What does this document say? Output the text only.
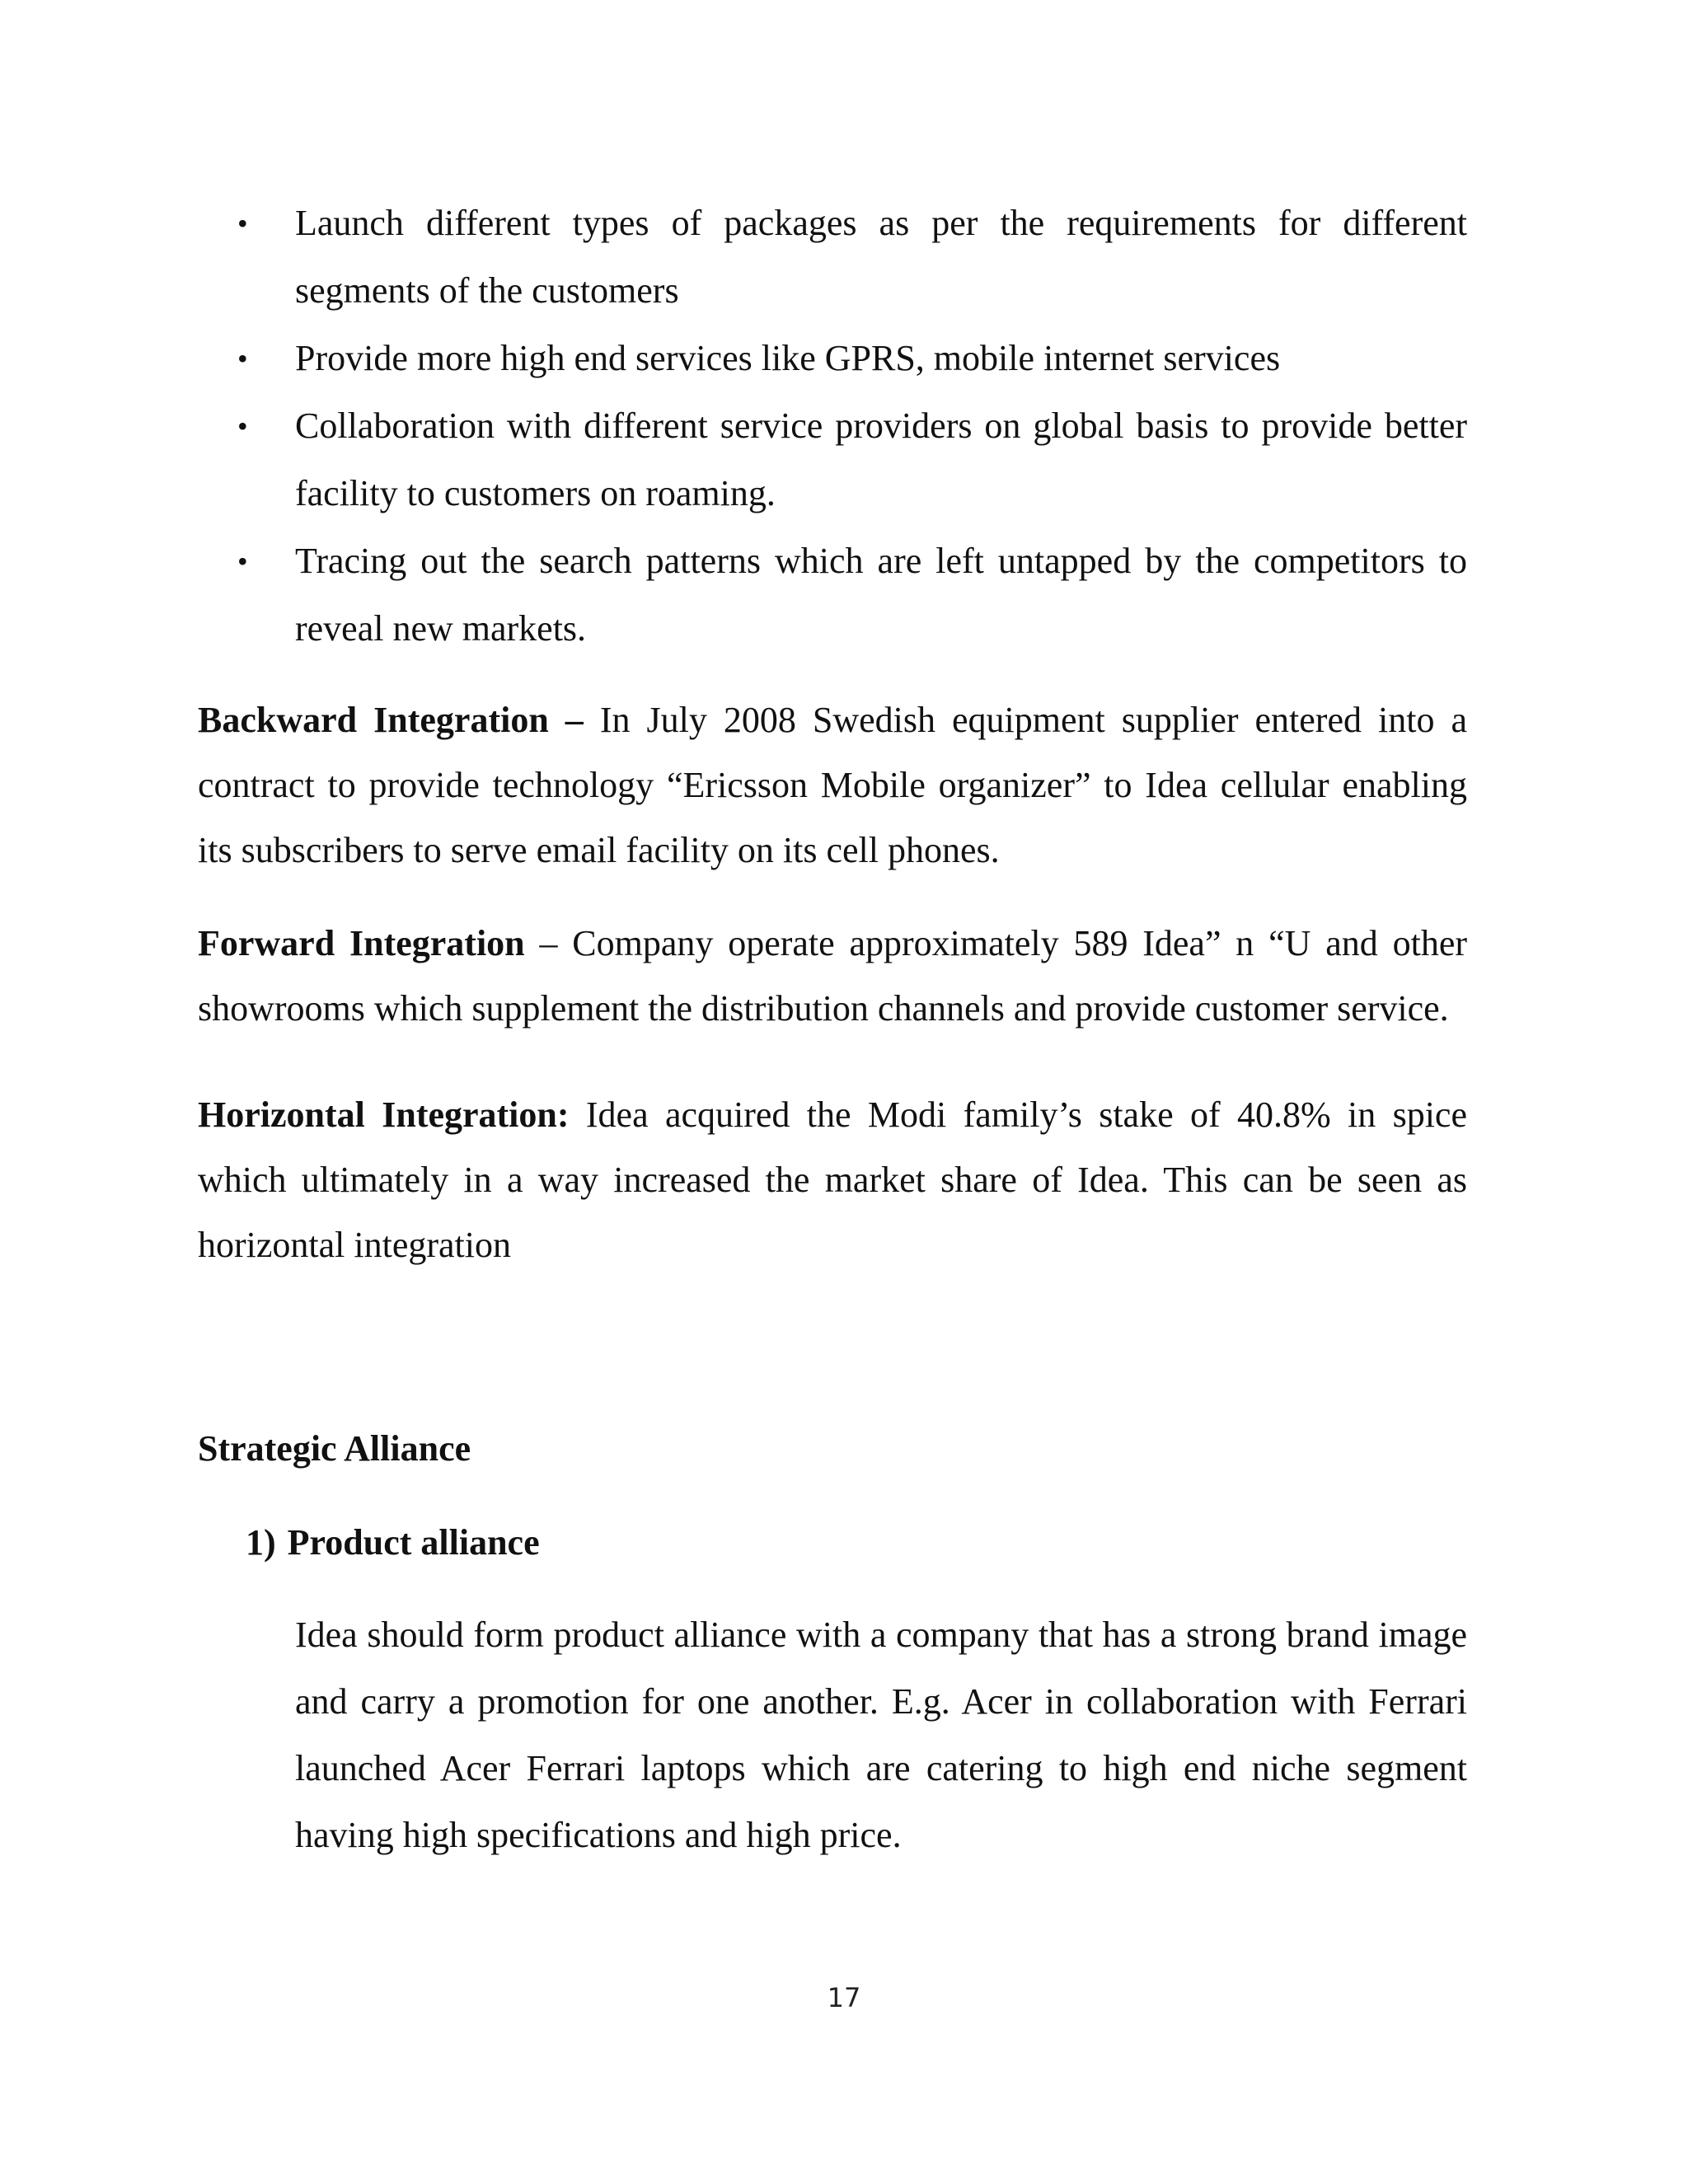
• Launch different types of packages as per the requirements for different segments of the customers
• Provide more high end services like GPRS, mobile internet services
• Collaboration with different service providers on global basis to provide better facility to customers on roaming.
• Tracing out the search patterns which are left untapped by the competitors to reveal new markets.

Backward Integration – In July 2008 Swedish equipment supplier entered into a contract to provide technology “Ericsson Mobile organizer” to Idea cellular enabling its subscribers to serve email facility on its cell phones.

Forward Integration – Company operate approximately 589 Idea” n “U and other showrooms which supplement the distribution channels and provide customer service.

Horizontal Integration: Idea acquired the Modi family’s stake of 40.8% in spice which ultimately in a way increased the market share of Idea. This can be seen as horizontal integration

Strategic Alliance
1) Product alliance

Idea should form product alliance with a company that has a strong brand image and carry a promotion for one another. E.g. Acer in collaboration with Ferrari launched Acer Ferrari laptops which are catering to high end niche segment having high specifications and high price.

17
